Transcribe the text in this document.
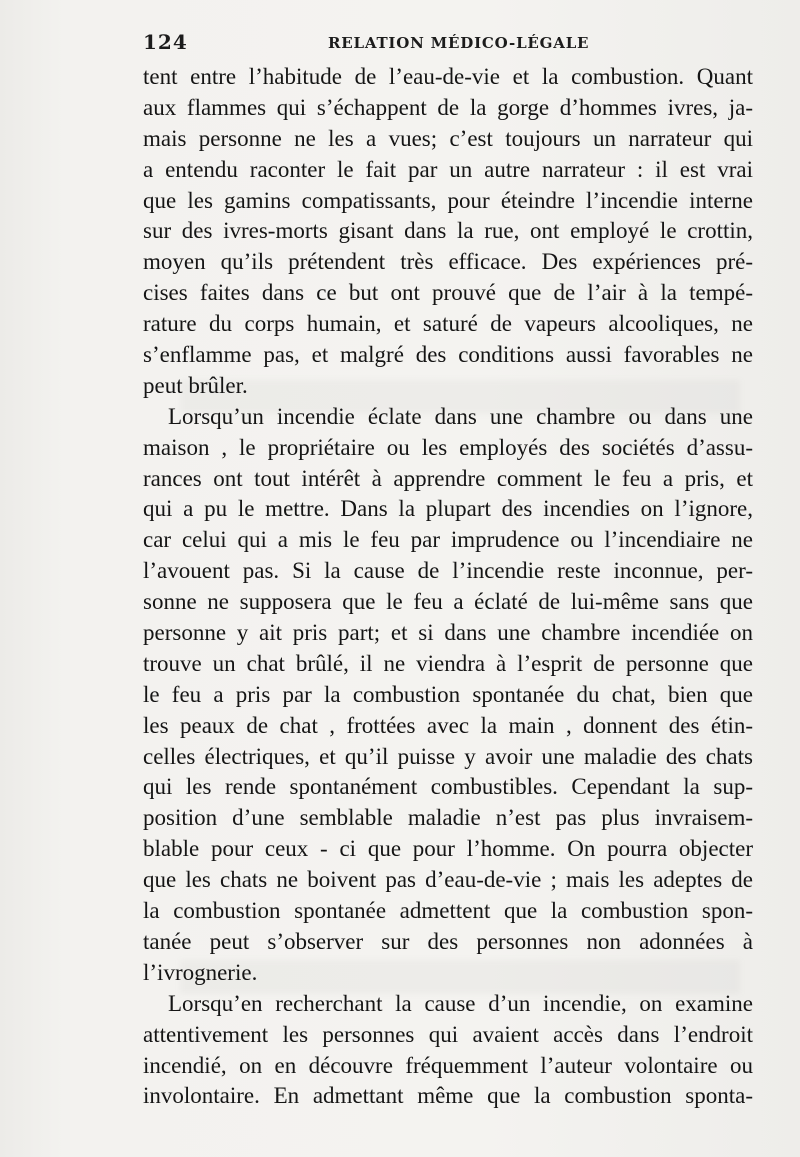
124	RELATION MÉDICO-LÉGALE
tent entre l’habitude de l’eau-de-vie et la combustion. Quant
aux flammes qui s’échappent de la gorge d’hommes ivres, ja-
mais personne ne les a vues; c’est toujours un narrateur qui
a entendu raconter le fait par un autre narrateur : il est vrai
que les gamins compatissants, pour éteindre l’incendie interne
sur des ivres-morts gisant dans la rue, ont employé le crottin,
moyen qu’ils prétendent très efficace. Des expériences pré-
cises faites dans ce but ont prouvé que de l’air à la tempé-
rature du corps humain, et saturé de vapeurs alcooliques, ne
s’enflamme pas, et malgré des conditions aussi favorables ne
peut brûler.
Lorsqu’un incendie éclate dans une chambre ou dans une
maison , le propriétaire ou les employés des sociétés d’assu-
rances ont tout intérêt à apprendre comment le feu a pris, et
qui a pu le mettre. Dans la plupart des incendies on l’ignore,
car celui qui a mis le feu par imprudence ou l’incendiaire ne
l’avouent pas. Si la cause de l’incendie reste inconnue, per-
sonne ne supposera que le feu a éclaté de lui-même sans que
personne y ait pris part; et si dans une chambre incendiée on
trouve un chat brûlé, il ne viendra à l’esprit de personne que
le feu a pris par la combustion spontanée du chat, bien que
les peaux de chat , frottées avec la main , donnent des étin-
celles électriques, et qu’il puisse y avoir une maladie des chats
qui les rende spontanément combustibles. Cependant la sup-
position d’une semblable maladie n’est pas plus invraisem-
blable pour ceux - ci que pour l’homme. On pourra objecter
que les chats ne boivent pas d’eau-de-vie ; mais les adeptes de
la combustion spontanée admettent que la combustion spon-
tanée peut s’observer sur des personnes non adonnées à
l’ivrognerie.
Lorsqu’en recherchant la cause d’un incendie, on examine
attentivement les personnes qui avaient accès dans l’endroit
incendié, on en découvre fréquemment l’auteur volontaire ou
involontaire. En admettant même que la combustion sponta-
